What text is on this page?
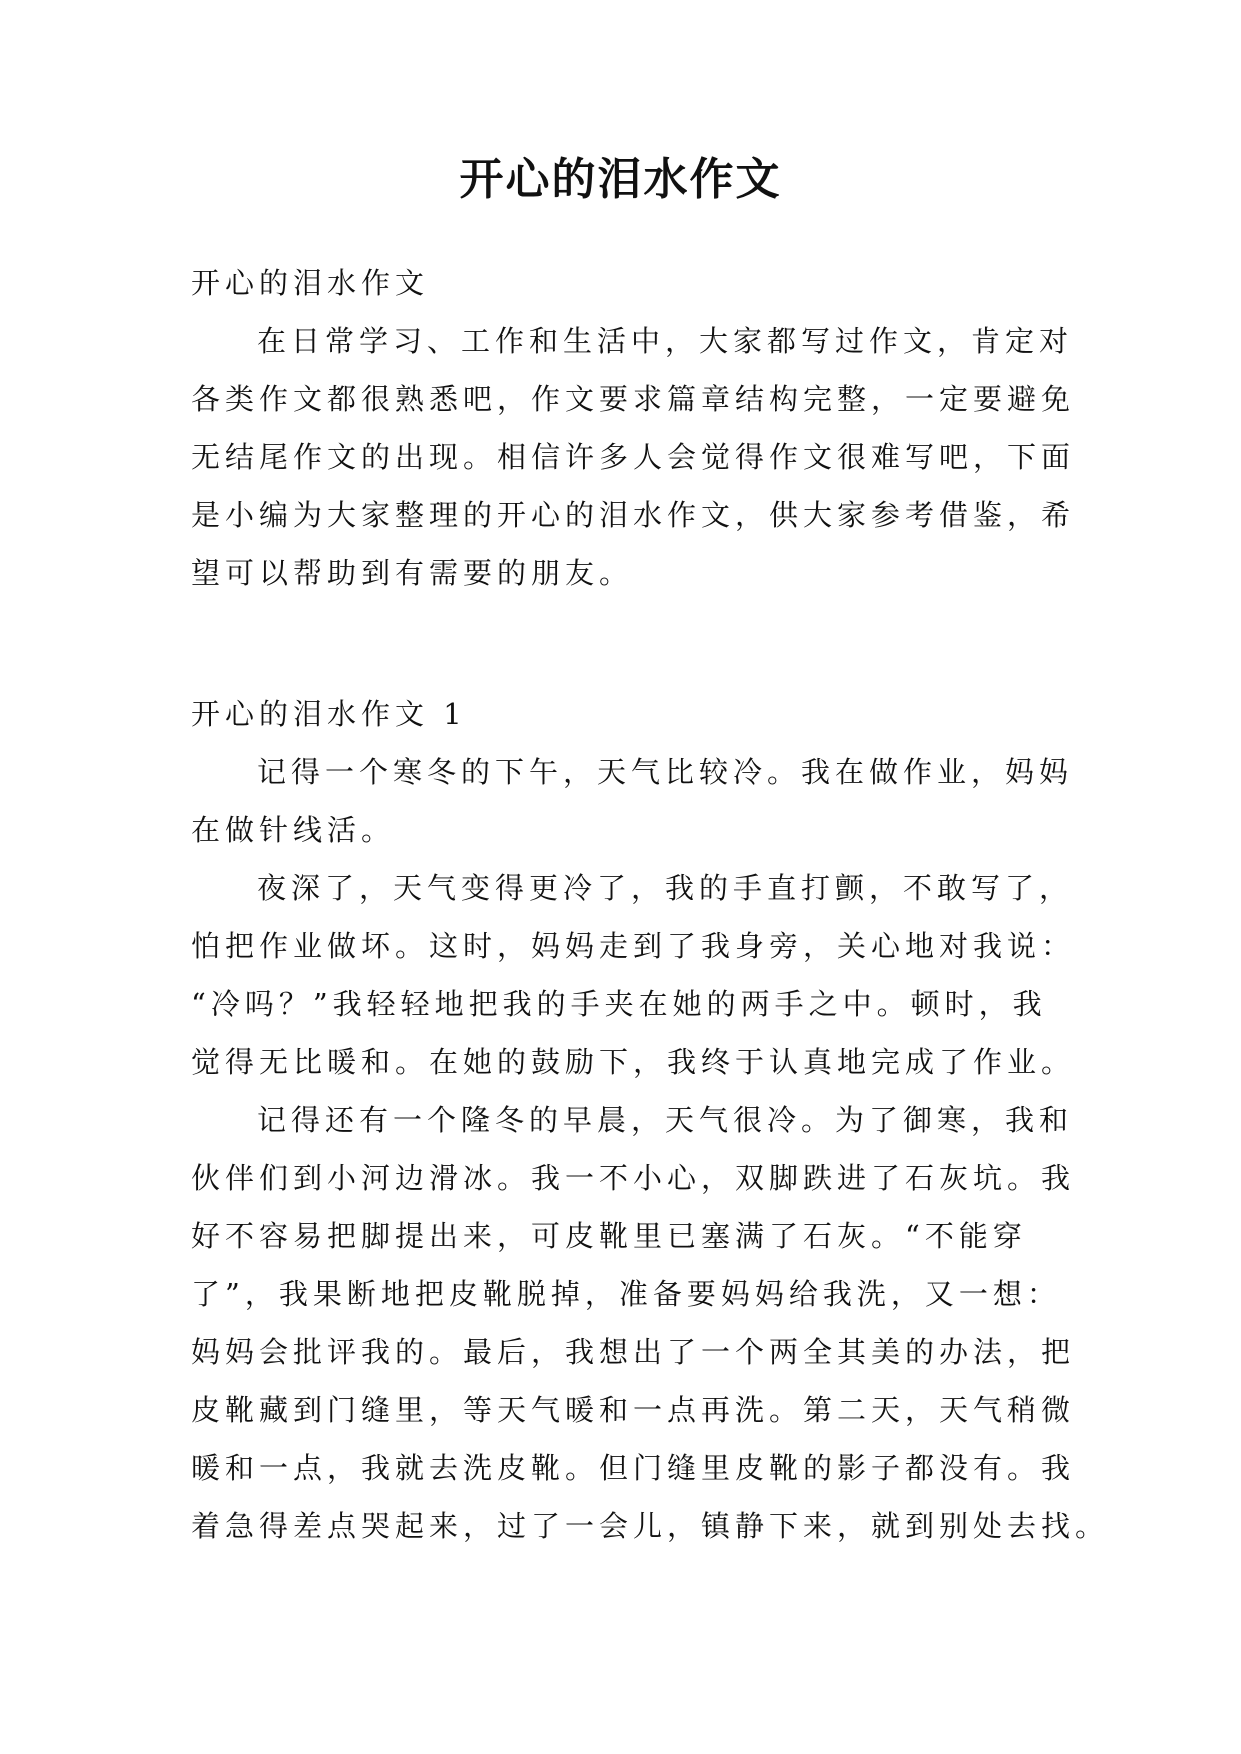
开心的泪水作文
开心的泪水作文
在日常学习、工作和生活中，大家都写过作文，肯定对
各类作文都很熟悉吧，作文要求篇章结构完整，一定要避免
无结尾作文的出现。相信许多人会觉得作文很难写吧，下面
是小编为大家整理的开心的泪水作文，供大家参考借鉴，希
望可以帮助到有需要的朋友。
开心的泪水作文 1
记得一个寒冬的下午，天气比较冷。我在做作业，妈妈
在做针线活。
夜深了，天气变得更冷了，我的手直打颤，不敢写了，
怕把作业做坏。这时，妈妈走到了我身旁，关心地对我说：
“冷吗？”我轻轻地把我的手夹在她的两手之中。顿时，我
觉得无比暖和。在她的鼓励下，我终于认真地完成了作业。
记得还有一个隆冬的早晨，天气很冷。为了御寒，我和
伙伴们到小河边滑冰。我一不小心，双脚跌进了石灰坑。我
好不容易把脚提出来，可皮靴里已塞满了石灰。“不能穿
了”，我果断地把皮靴脱掉，准备要妈妈给我洗，又一想：
妈妈会批评我的。最后，我想出了一个两全其美的办法，把
皮靴藏到门缝里，等天气暖和一点再洗。第二天，天气稍微
暖和一点，我就去洗皮靴。但门缝里皮靴的影子都没有。我
着急得差点哭起来，过了一会儿，镇静下来，就到别处去找。
